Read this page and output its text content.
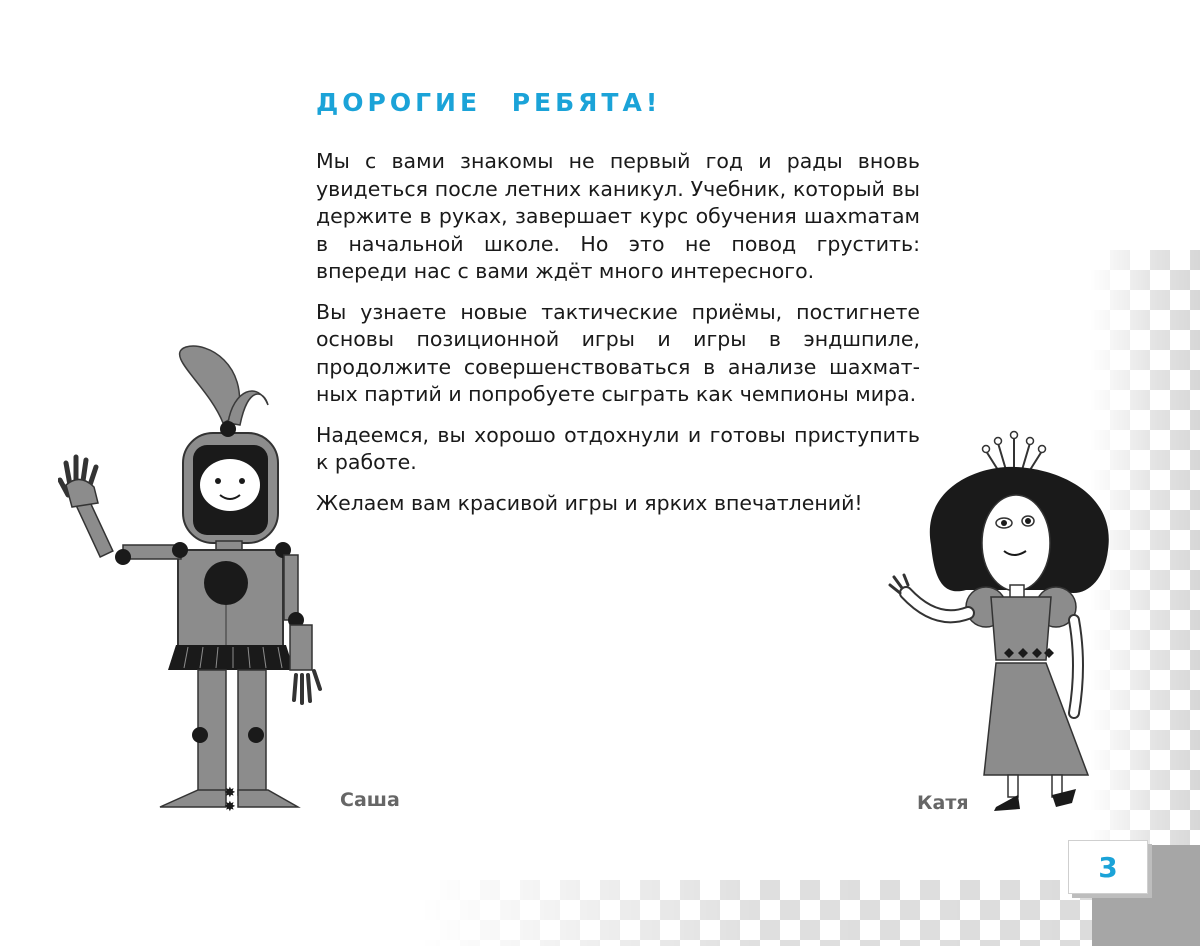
3
ДОРОГИЕ РЕБЯТА!

Мы с вами знакомы не первый год и рады вновь увидеться после летних каникул. Учебник, который вы держите в руках, завершает курс обучения шахmатам в начальной школе. Но это не повод грустить: впереди нас с вами ждёт много интересного.

Вы узнаете новые тактические приёмы, постигнете основы позиционной игры и игры в эндшпиле, продолжите совершенствоваться в анализе шахматных партий и попробуете сыграть как чемпионы мира.

Надеемся, вы хорошо отдохнули и готовы приступить к работе.

Желаем вам красивой игры и ярких впечатлений!

✸
✸	Саша	Катя
